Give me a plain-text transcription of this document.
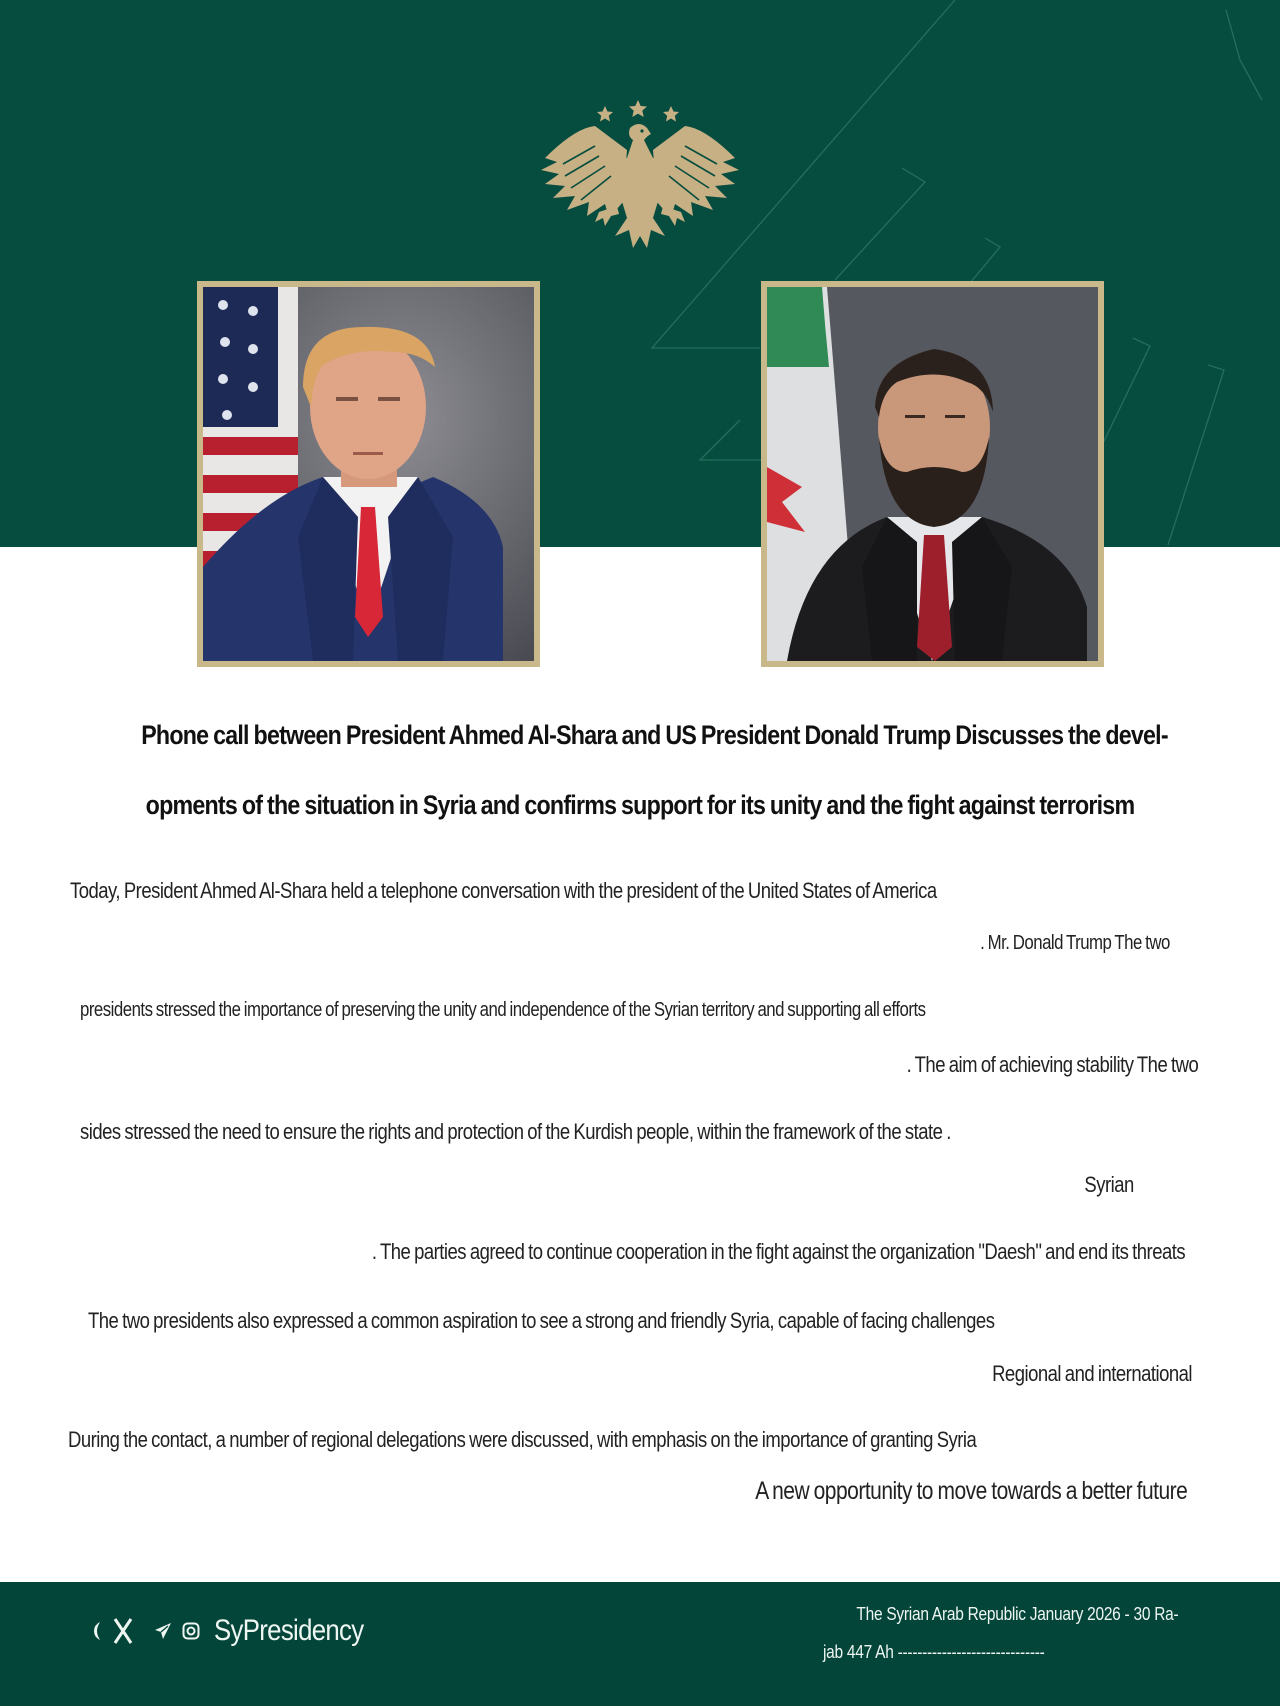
Phone call between President Ahmed Al-Shara and US President Donald Trump Discusses the devel-
opments of the situation in Syria and confirms support for its unity and the fight against terrorism
Today, President Ahmed Al-Shara held a telephone conversation with the president of the United States of America
. Mr. Donald Trump The two
presidents stressed the importance of preserving the unity and independence of the Syrian territory and supporting all efforts
. The aim of achieving stability The two
sides stressed the need to ensure the rights and protection of the Kurdish people, within the framework of the state .
Syrian
. The parties agreed to continue cooperation in the fight against the organization "Daesh" and end its threats
The two presidents also expressed a common aspiration to see a strong and friendly Syria, capable of facing challenges
Regional and international
During the contact, a number of regional delegations were discussed, with emphasis on the importance of granting Syria
A new opportunity to move towards a better future
SyPresidency	The Syrian Arab Republic January 2026 - 30 Ra-
jab 447 Ah ------------------------------
